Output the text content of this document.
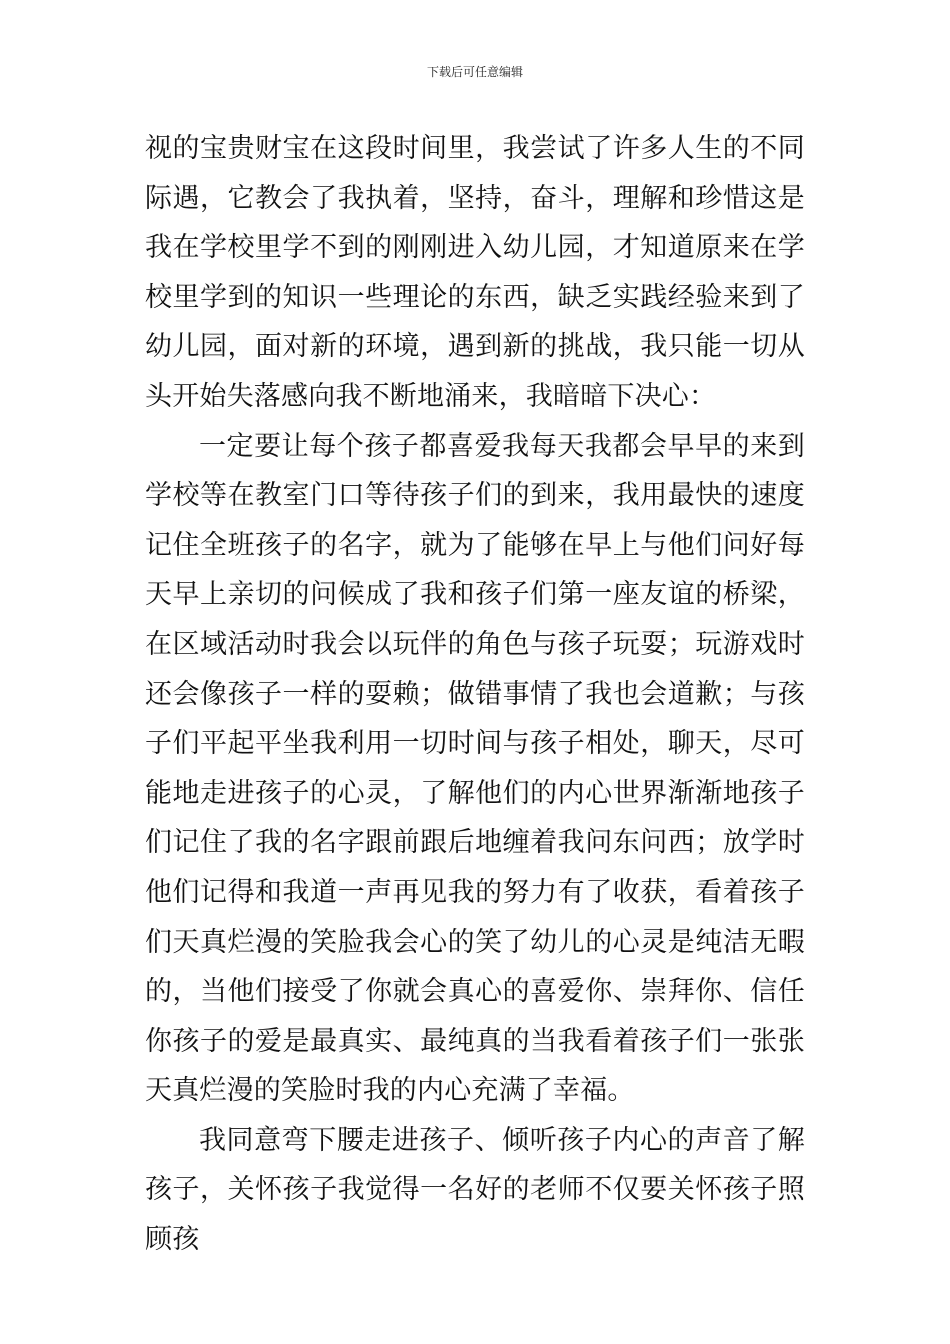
下载后可任意编辑

视的宝贵财宝在这段时间里，我尝试了许多人生的不同际遇，它教会了我执着，坚持，奋斗，理解和珍惜这是我在学校里学不到的刚刚进入幼儿园，才知道原来在学校里学到的知识一些理论的东西，缺乏实践经验来到了幼儿园，面对新的环境，遇到新的挑战，我只能一切从头开始失落感向我不断地涌来，我暗暗下决心：

一定要让每个孩子都喜爱我每天我都会早早的来到学校等在教室门口等待孩子们的到来，我用最快的速度记住全班孩子的名字，就为了能够在早上与他们问好每天早上亲切的问候成了我和孩子们第一座友谊的桥梁，在区域活动时我会以玩伴的角色与孩子玩耍；玩游戏时还会像孩子一样的耍赖；做错事情了我也会道歉；与孩子们平起平坐我利用一切时间与孩子相处，聊天，尽可能地走进孩子的心灵，了解他们的内心世界渐渐地孩子们记住了我的名字跟前跟后地缠着我问东问西；放学时他们记得和我道一声再见我的努力有了收获，看着孩子们天真烂漫的笑脸我会心的笑了幼儿的心灵是纯洁无暇的，当他们接受了你就会真心的喜爱你、崇拜你、信任你孩子的爱是最真实、最纯真的当我看着孩子们一张张天真烂漫的笑脸时我的内心充满了幸福。

我同意弯下腰走进孩子、倾听孩子内心的声音了解孩子，关怀孩子我觉得一名好的老师不仅要关怀孩子照顾孩
